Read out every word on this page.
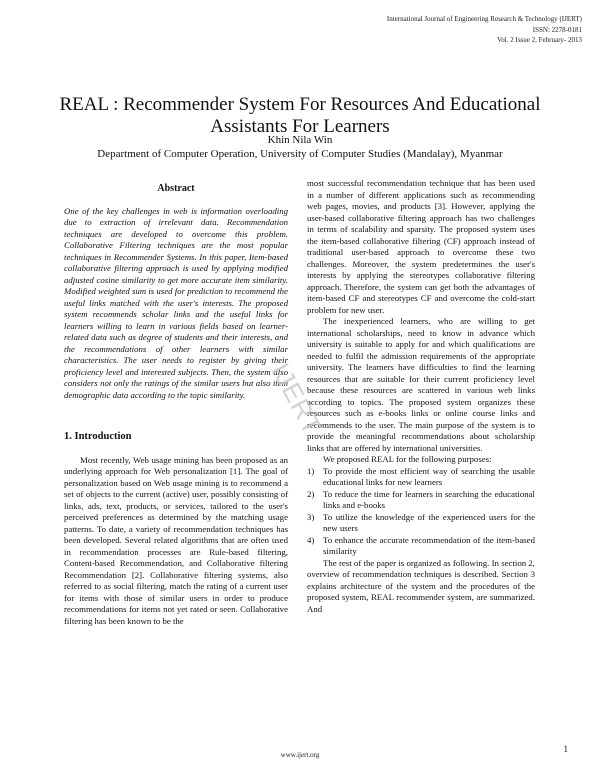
International Journal of Engineering Research & Technology (IJERT)
ISSN: 2278-0181
Vol. 2 Issue 2, February- 2013
REAL : Recommender System For Resources And Educational
Assistants For Learners
Khin Nila Win
Department of Computer Operation, University of Computer Studies (Mandalay), Myanmar
Abstract

One of the key challenges in web is information overloading due to extraction of irrelevant data. Recommendation techniques are developed to overcome this problem. Collaborative Filtering techniques are the most popular techniques in Recommender Systems. In this paper, Item-based collaborative filtering approach is used by applying modified adjusted cosine similarity to get more accurate item similarity. Modified weighted sum is used for prediction to recommend the useful links matched with the user's interests. The proposed system recommends scholar links and the useful links for learners willing to learn in various fields based on learner-related data such as degree of students and their interests, and the recommendations of other learners with similar characteristics. The user needs to register by giving their proficiency level and interested subjects. Then, the system also considers not only the ratings of the similar users but also item demographic data according to the topic similarity.

1. Introduction

Most recently, Web usage mining has been proposed as an underlying approach for Web personalization [1]. The goal of personalization based on Web usage mining is to recommend a set of objects to the current (active) user, possibly consisting of links, ads, text, products, or services, tailored to the user's perceived preferences as determined by the matching usage patterns. To date, a variety of recommendation techniques has been developed. Several related algorithms that are often used in recommendation processes are Rule-based filtering, Content-based Recommendation, and Collaborative filtering Recommendation [2]. Collaborative filtering systems, also referred to as social filtering, match the rating of a current user for items with those of similar users in order to produce recommendations for items not yet rated or seen. Collaborative filtering has been known to be the

most successful recommendation technique that has been used in a number of different applications such as recommending web pages, movies, and products [3]. However, applying the user-based collaborative filtering approach has two challenges in terms of scalability and sparsity. The proposed system uses the item-based collaborative filtering (CF) approach instead of traditional user-based approach to overcome these two challenges. Moreover, the system predetermines the user's interests by applying the stereotypes collaborative filtering approach. Therefore, the system can get both the advantages of item-based CF and stereotypes CF and overcome the cold-start problem for new user.

The inexperienced learners, who are willing to get international scholarships, need to know in advance which university is suitable to apply for and which qualifications are needed to fulfil the admission requirements of the appropriate university. The learners have difficulties to find the learning resources that are suitable for their current proficiency level because these resources are scattered in various web links according to topics. The proposed system organizes these resources such as e-books links or online course links and recommends to the user. The main purpose of the system is to provide the meaningful recommendations about scholarship links that are offered by international universities.

We proposed REAL for the following purposes:

1) To provide the most efficient way of searching the usable educational links for new learners
2) To reduce the time for learners in searching the educational links and e-books
3) To utilize the knowledge of the experienced users for the new users
4) To enhance the accurate recommendation of the item-based similarity

The rest of the paper is organized as following. In section 2, overview of recommendation techniques is described. Section 3 explains architecture of the system and the procedures of the proposed system, REAL recommender system, are summarized. And

IJERT
www.ijert.org
1
